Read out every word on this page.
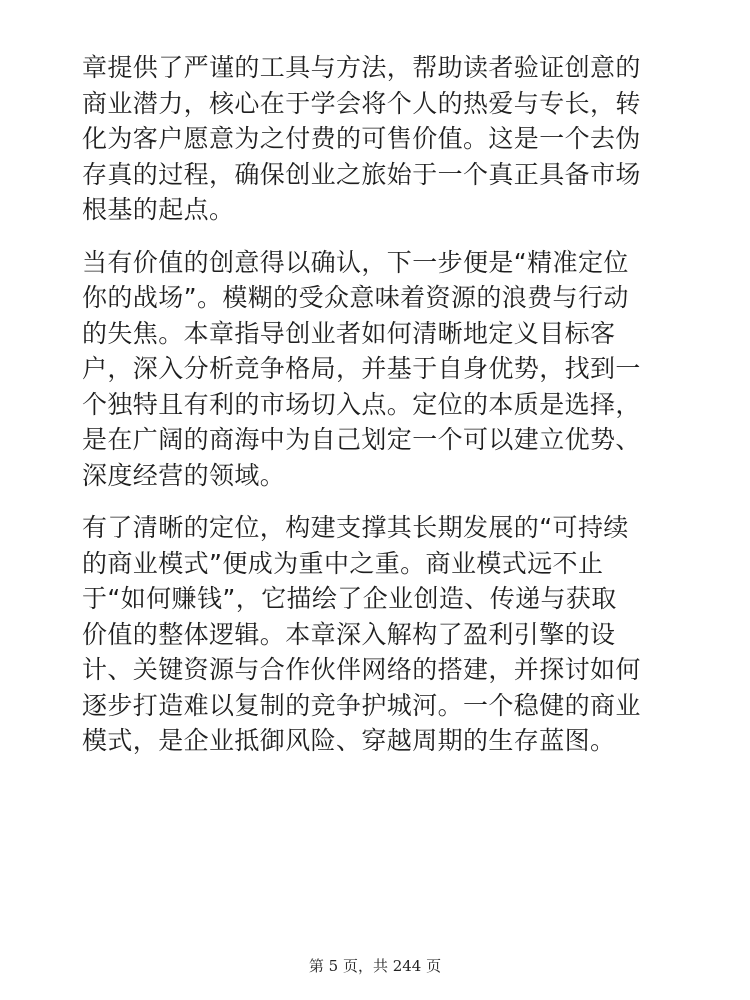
章提供了严谨的工具与方法，帮助读者验证创意的
商业潜力，核心在于学会将个人的热爱与专长，转
化为客户愿意为之付费的可售价值。这是一个去伪
存真的过程，确保创业之旅始于一个真正具备市场
根基的起点。

当有价值的创意得以确认，下一步便是“精准定位
你的战场”。模糊的受众意味着资源的浪费与行动
的失焦。本章指导创业者如何清晰地定义目标客
户，深入分析竞争格局，并基于自身优势，找到一
个独特且有利的市场切入点。定位的本质是选择，
是在广阔的商海中为自己划定一个可以建立优势、
深度经营的领域。

有了清晰的定位，构建支撑其长期发展的“可持续
的商业模式”便成为重中之重。商业模式远不止
于“如何赚钱”，它描绘了企业创造、传递与获取
价值的整体逻辑。本章深入解构了盈利引擎的设
计、关键资源与合作伙伴网络的搭建，并探讨如何
逐步打造难以复制的竞争护城河。一个稳健的商业
模式，是企业抵御风险、穿越周期的生存蓝图。

第 5 页，共 244 页
